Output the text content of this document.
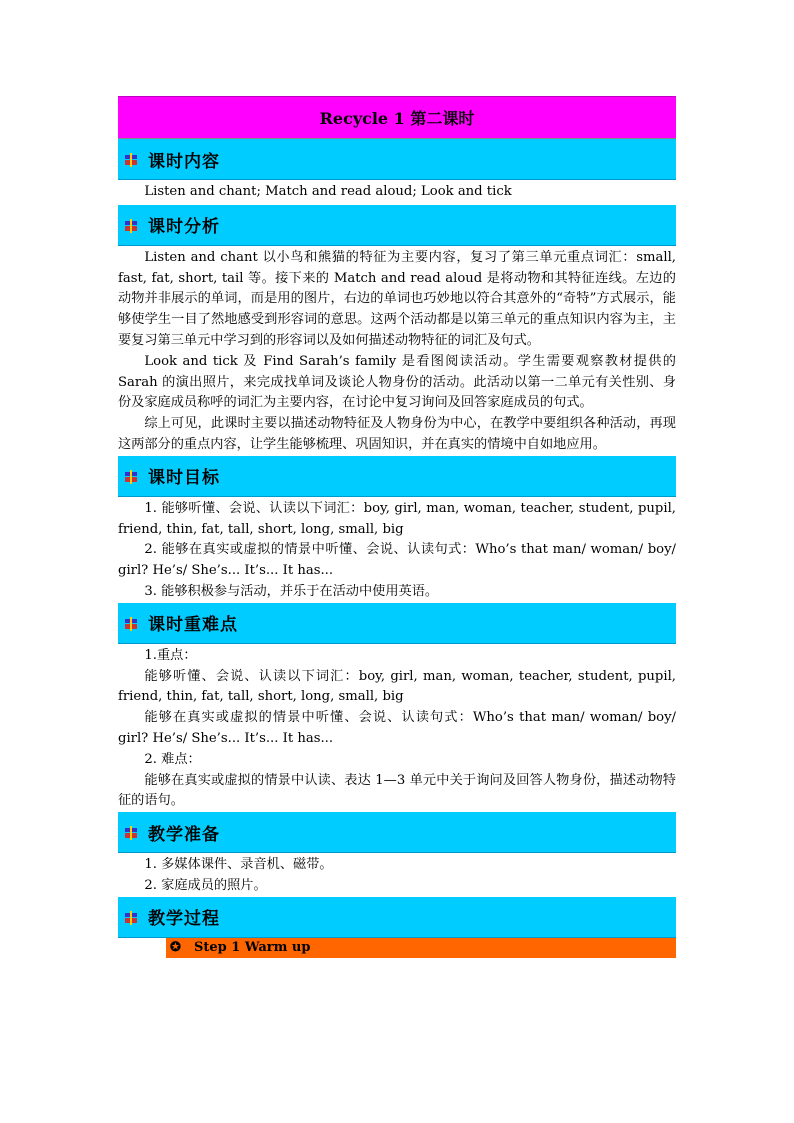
Recycle 1 第二课时
课时内容

Listen and chant; Match and read aloud; Look and tick

课时分析

Listen and chant 以小鸟和熊猫的特征为主要内容，复习了第三单元重点词汇：small, fast, fat, short, tail 等。接下来的 Match and read aloud 是将动物和其特征连线。左边的动物并非展示的单词，而是用的图片，右边的单词也巧妙地以符合其意外的“奇特”方式展示，能够使学生一目了然地感受到形容词的意思。这两个活动都是以第三单元的重点知识内容为主，主要复习第三单元中学习到的形容词以及如何描述动物特征的词汇及句式。

Look and tick 及 Find Sarah’s family 是看图阅读活动。学生需要观察教材提供的 Sarah 的演出照片，来完成找单词及谈论人物身份的活动。此活动以第一二单元有关性别、身份及家庭成员称呼的词汇为主要内容，在讨论中复习询问及回答家庭成员的句式。

综上可见，此课时主要以描述动物特征及人物身份为中心，在教学中要组织各种活动，再现这两部分的重点内容，让学生能够梳理、巩固知识，并在真实的情境中自如地应用。

课时目标

1. 能够听懂、会说、认读以下词汇：boy, girl, man, woman, teacher, student, pupil, friend, thin, fat, tall, short, long, small, big

2. 能够在真实或虚拟的情景中听懂、会说、认读句式：Who’s that man/ woman/ boy/ girl? He’s/ She’s... It’s... It has...

3. 能够积极参与活动，并乐于在活动中使用英语。

课时重难点

1.重点：

能够听懂、会说、认读以下词汇：boy, girl, man, woman, teacher, student, pupil, friend, thin, fat, tall, short, long, small, big

能够在真实或虚拟的情景中听懂、会说、认读句式：Who’s that man/ woman/ boy/ girl? He’s/ She’s... It’s... It has...

2. 难点：

能够在真实或虚拟的情景中认读、表达 1—3 单元中关于询问及回答人物身份，描述动物特征的语句。

教学准备

1. 多媒体课件、录音机、磁带。

2. 家庭成员的照片。

教学过程
✪ Step 1 Warm up
